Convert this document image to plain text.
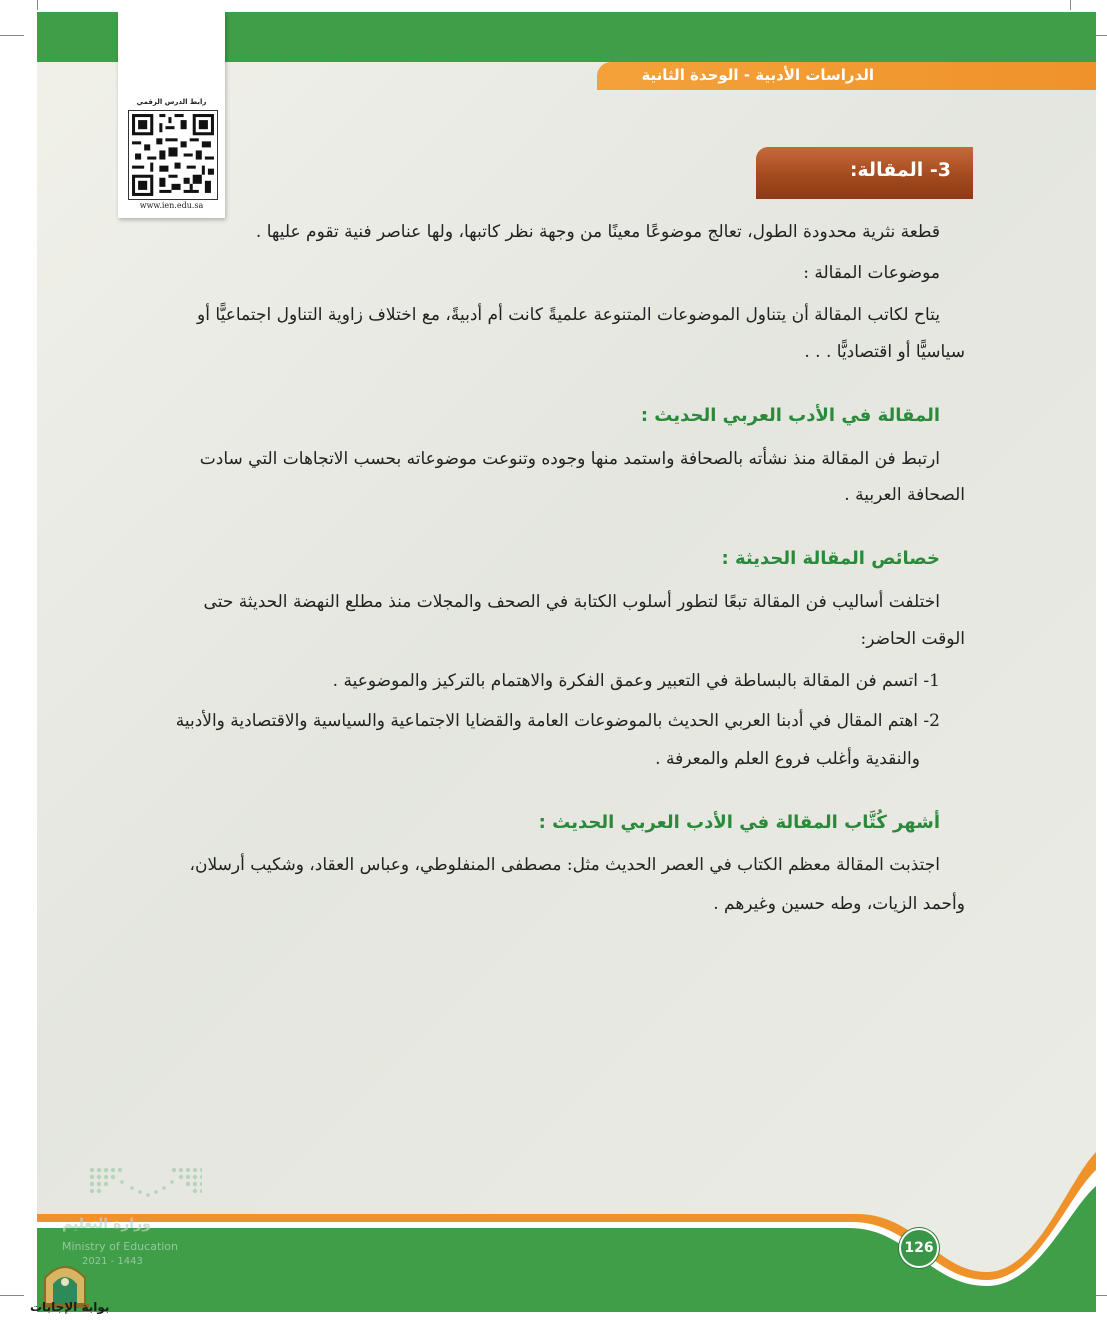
الدراسات الأدبية - الوحدة الثانية
رابط الدرس الرقمي
www.ien.edu.sa
3- المقالة:
قطعة نثرية محدودة الطول، تعالج موضوعًا معينًا من وجهة نظر كاتبها، ولها عناصر فنية تقوم عليها .
موضوعات المقالة :
يتاح لكاتب المقالة أن يتناول الموضوعات المتنوعة علميةً كانت أم أدبيةً، مع اختلاف زاوية التناول اجتماعيًّا أو
سياسيًّا أو اقتصاديًّا . . .
المقالة في الأدب العربي الحديث :
ارتبط فن المقالة منذ نشأته بالصحافة واستمد منها وجوده وتنوعت موضوعاته بحسب الاتجاهات التي سادت
الصحافة العربية .
خصائص المقالة الحديثة :
اختلفت أساليب فن المقالة تبعًا لتطور أسلوب الكتابة في الصحف والمجلات منذ مطلع النهضة الحديثة حتى
الوقت الحاضر:
1- اتسم فن المقالة بالبساطة في التعبير وعمق الفكرة والاهتمام بالتركيز والموضوعية .
2- اهتم المقال في أدبنا العربي الحديث بالموضوعات العامة والقضايا الاجتماعية والسياسية والاقتصادية والأدبية
والنقدية وأغلب فروع العلم والمعرفة .
أشهر كُتَّاب المقالة في الأدب العربي الحديث :
اجتذبت المقالة معظم الكتاب في العصر الحديث مثل: مصطفى المنفلوطي، وعباس العقاد، وشكيب أرسلان،
وأحمد الزيات، وطه حسين وغيرهم .
وزارة التعليم
Ministry of Education
2021 - 1443
126
بوابة الإجابات
